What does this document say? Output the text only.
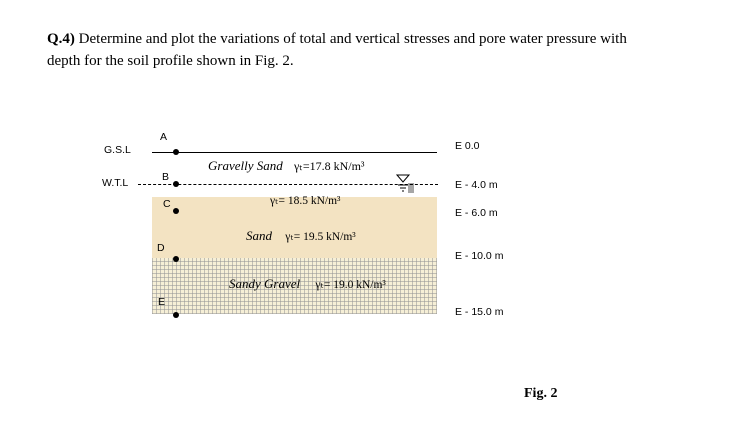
Q.4) Determine and plot the variations of total and vertical stresses and pore water pressure with
depth for the soil profile shown in Fig. 2.
G.S.L
W.T.L
A
B
C
D
E
Gravelly Sand γₜ=17.8 kN/m³
γₜ= 18.5 kN/m³
Sand γₜ= 19.5 kN/m³
Sandy Gravel γₜ= 19.0 kN/m³
E 0.0
E - 4.0 m
E - 6.0 m
E - 10.0 m
E - 15.0 m
Fig. 2
